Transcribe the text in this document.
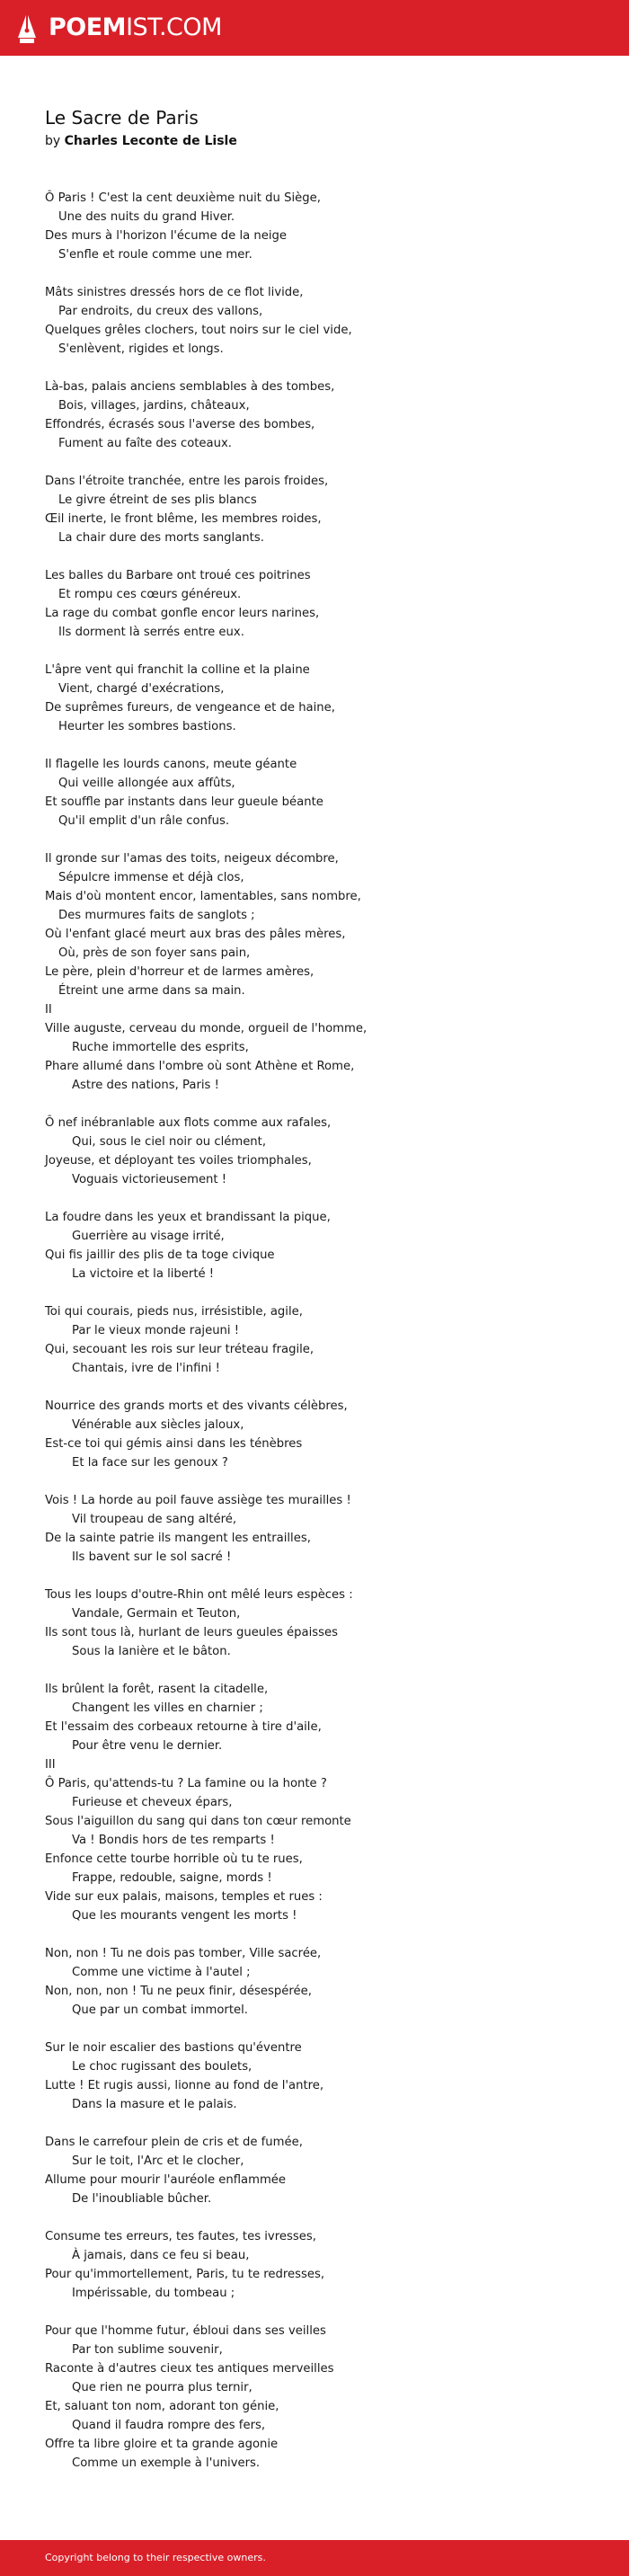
POEMIST.COM
Le Sacre de Paris
by Charles Leconte de Lisle
Ô Paris ! C'est la cent deuxième nuit du Siège,
Une des nuits du grand Hiver.
Des murs à l'horizon l'écume de la neige
S'enfle et roule comme une mer.
Mâts sinistres dressés hors de ce flot livide,
Par endroits, du creux des vallons,
Quelques grêles clochers, tout noirs sur le ciel vide,
S'enlèvent, rigides et longs.
Là-bas, palais anciens semblables à des tombes,
Bois, villages, jardins, châteaux,
Effondrés, écrasés sous l'averse des bombes,
Fument au faîte des coteaux.
Dans l'étroite tranchée, entre les parois froides,
Le givre étreint de ses plis blancs
Œil inerte, le front blême, les membres roides,
La chair dure des morts sanglants.
Les balles du Barbare ont troué ces poitrines
Et rompu ces cœurs généreux.
La rage du combat gonfle encor leurs narines,
Ils dorment là serrés entre eux.
L'âpre vent qui franchit la colline et la plaine
Vient, chargé d'exécrations,
De suprêmes fureurs, de vengeance et de haine,
Heurter les sombres bastions.
Il flagelle les lourds canons, meute géante
Qui veille allongée aux affûts,
Et souffle par instants dans leur gueule béante
Qu'il emplit d'un râle confus.
Il gronde sur l'amas des toits, neigeux décombre,
Sépulcre immense et déjà clos,
Mais d'où montent encor, lamentables, sans nombre,
Des murmures faits de sanglots ;
Où l'enfant glacé meurt aux bras des pâles mères,
Où, près de son foyer sans pain,
Le père, plein d'horreur et de larmes amères,
Étreint une arme dans sa main.
II
Ville auguste, cerveau du monde, orgueil de l'homme,
Ruche immortelle des esprits,
Phare allumé dans l'ombre où sont Athène et Rome,
Astre des nations, Paris !
Ô nef inébranlable aux flots comme aux rafales,
Qui, sous le ciel noir ou clément,
Joyeuse, et déployant tes voiles triomphales,
Voguais victorieusement !
La foudre dans les yeux et brandissant la pique,
Guerrière au visage irrité,
Qui fis jaillir des plis de ta toge civique
La victoire et la liberté !
Toi qui courais, pieds nus, irrésistible, agile,
Par le vieux monde rajeuni !
Qui, secouant les rois sur leur tréteau fragile,
Chantais, ivre de l'infini !
Nourrice des grands morts et des vivants célèbres,
Vénérable aux siècles jaloux,
Est-ce toi qui gémis ainsi dans les ténèbres
Et la face sur les genoux ?
Vois ! La horde au poil fauve assiège tes murailles !
Vil troupeau de sang altéré,
De la sainte patrie ils mangent les entrailles,
Ils bavent sur le sol sacré !
Tous les loups d'outre-Rhin ont mêlé leurs espèces :
Vandale, Germain et Teuton,
Ils sont tous là, hurlant de leurs gueules épaisses
Sous la lanière et le bâton.
Ils brûlent la forêt, rasent la citadelle,
Changent les villes en charnier ;
Et l'essaim des corbeaux retourne à tire d'aile,
Pour être venu le dernier.
III
Ô Paris, qu'attends-tu ? La famine ou la honte ?
Furieuse et cheveux épars,
Sous l'aiguillon du sang qui dans ton cœur remonte
Va ! Bondis hors de tes remparts !
Enfonce cette tourbe horrible où tu te rues,
Frappe, redouble, saigne, mords !
Vide sur eux palais, maisons, temples et rues :
Que les mourants vengent les morts !
Non, non ! Tu ne dois pas tomber, Ville sacrée,
Comme une victime à l'autel ;
Non, non, non ! Tu ne peux finir, désespérée,
Que par un combat immortel.
Sur le noir escalier des bastions qu'éventre
Le choc rugissant des boulets,
Lutte ! Et rugis aussi, lionne au fond de l'antre,
Dans la masure et le palais.
Dans le carrefour plein de cris et de fumée,
Sur le toit, l'Arc et le clocher,
Allume pour mourir l'auréole enflammée
De l'inoubliable bûcher.
Consume tes erreurs, tes fautes, tes ivresses,
À jamais, dans ce feu si beau,
Pour qu'immortellement, Paris, tu te redresses,
Impérissable, du tombeau ;
Pour que l'homme futur, ébloui dans ses veilles
Par ton sublime souvenir,
Raconte à d'autres cieux tes antiques merveilles
Que rien ne pourra plus ternir,
Et, saluant ton nom, adorant ton génie,
Quand il faudra rompre des fers,
Offre ta libre gloire et ta grande agonie
Comme un exemple à l'univers.
Copyright belong to their respective owners.
